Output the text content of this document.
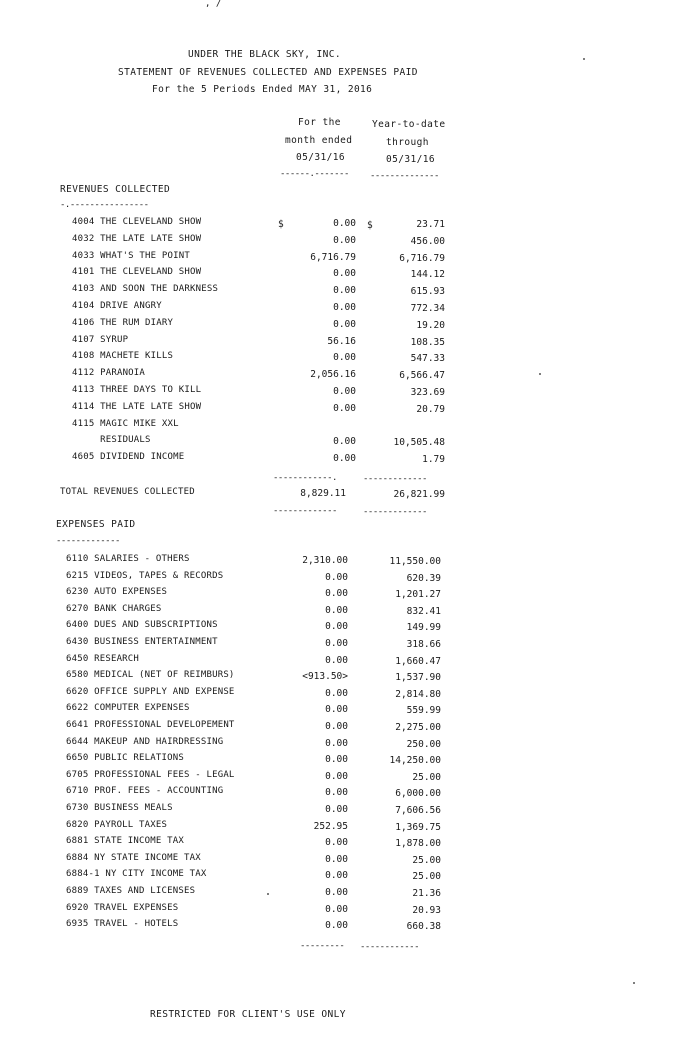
, /
UNDER THE BLACK SKY, INC.
STATEMENT OF REVENUES COLLECTED AND EXPENSES PAID
For the 5 Periods Ended MAY 31, 2016
For the
month ended
05/31/16
Year-to-date
through
05/31/16
------.------- --------------
REVENUES COLLECTED
-.----------------
$	$
4004 THE CLEVELAND SHOW	0.00	23.71
4032 THE LATE LATE SHOW	0.00	456.00
4033 WHAT'S THE POINT	6,716.79	6,716.79
4101 THE CLEVELAND SHOW	0.00	144.12
4103 AND SOON THE DARKNESS	0.00	615.93
4104 DRIVE ANGRY	0.00	772.34
4106 THE RUM DIARY	0.00	19.20
4107 SYRUP	56.16	108.35
4108 MACHETE KILLS	0.00	547.33
4112 PARANOIA	2,056.16	6,566.47
4113 THREE DAYS TO KILL	0.00	323.69
4114 THE LATE LATE SHOW	0.00	20.79
4115 MAGIC MIKE XXL
RESIDUALS	0.00	10,505.48
4605 DIVIDEND INCOME	0.00	1.79
------------.	-------------
TOTAL REVENUES COLLECTED	8,829.11	26,821.99
-------------	-------------
EXPENSES PAID
-------------
6110 SALARIES - OTHERS	2,310.00	11,550.00
6215 VIDEOS, TAPES & RECORDS	0.00	620.39
6230 AUTO EXPENSES	0.00	1,201.27
6270 BANK CHARGES	0.00	832.41
6400 DUES AND SUBSCRIPTIONS	0.00	149.99
6430 BUSINESS ENTERTAINMENT	0.00	318.66
6450 RESEARCH	0.00	1,660.47
6580 MEDICAL (NET OF REIMBURS)	<913.50>	1,537.90
6620 OFFICE SUPPLY AND EXPENSE	0.00	2,814.80
6622 COMPUTER EXPENSES	0.00	559.99
6641 PROFESSIONAL DEVELOPEMENT	0.00	2,275.00
6644 MAKEUP AND HAIRDRESSING	0.00	250.00
6650 PUBLIC RELATIONS	0.00	14,250.00
6705 PROFESSIONAL FEES - LEGAL	0.00	25.00
6710 PROF. FEES - ACCOUNTING	0.00	6,000.00
6730 BUSINESS MEALS	0.00	7,606.56
6820 PAYROLL TAXES	252.95	1,369.75
6881 STATE INCOME TAX	0.00	1,878.00
6884 NY STATE INCOME TAX	0.00	25.00
6884-1 NY CITY INCOME TAX	0.00	25.00
6889 TAXES AND LICENSES	0.00	21.36
6920 TRAVEL EXPENSES	0.00	20.93
6935 TRAVEL - HOTELS	0.00	660.38
--------- ------------
RESTRICTED FOR CLIENT'S USE ONLY
